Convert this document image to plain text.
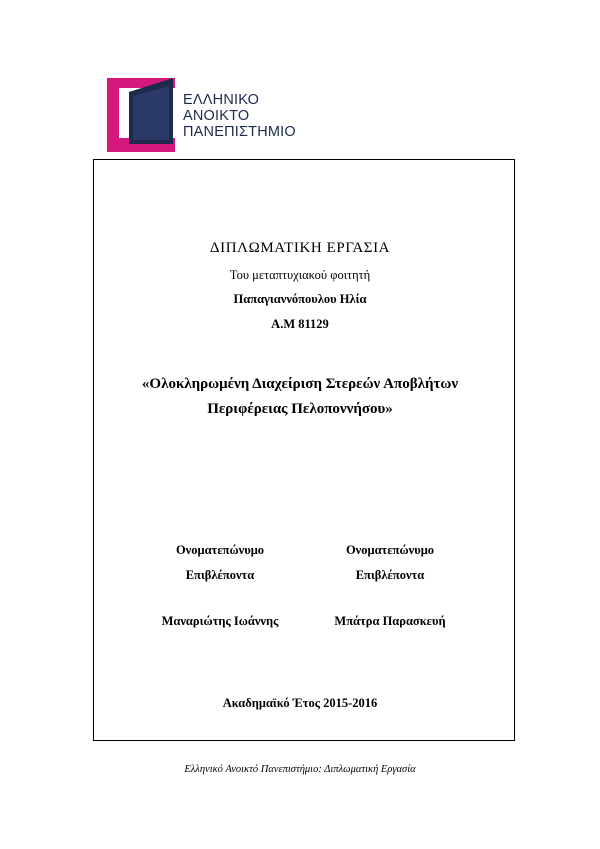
ΕΛΛΗΝΙΚΟ
ΑΝΟΙΚΤΟ
ΠΑΝΕΠΙΣΤΗΜΙΟ
ΔΙΠΛΩΜΑΤΙΚΗ ΕΡΓΑΣΙΑ
Του μεταπτυχιακού φοιτητή
Παπαγιαννόπουλου Ηλία
Α.Μ 81129
«Ολοκληρωμένη Διαχείριση Στερεών Αποβλήτων
Περιφέρειας Πελοποννήσου»
Ονοματεπώνυμο
Επιβλέποντα
Μαναριώτης Ιωάννης
Ονοματεπώνυμο
Επιβλέποντα
Μπάτρα Παρασκευή
Ακαδημαϊκό Έτος 2015-2016
Ελληνικό Ανοικτό Πανεπιστήμιο: Διπλωματική Εργασία
